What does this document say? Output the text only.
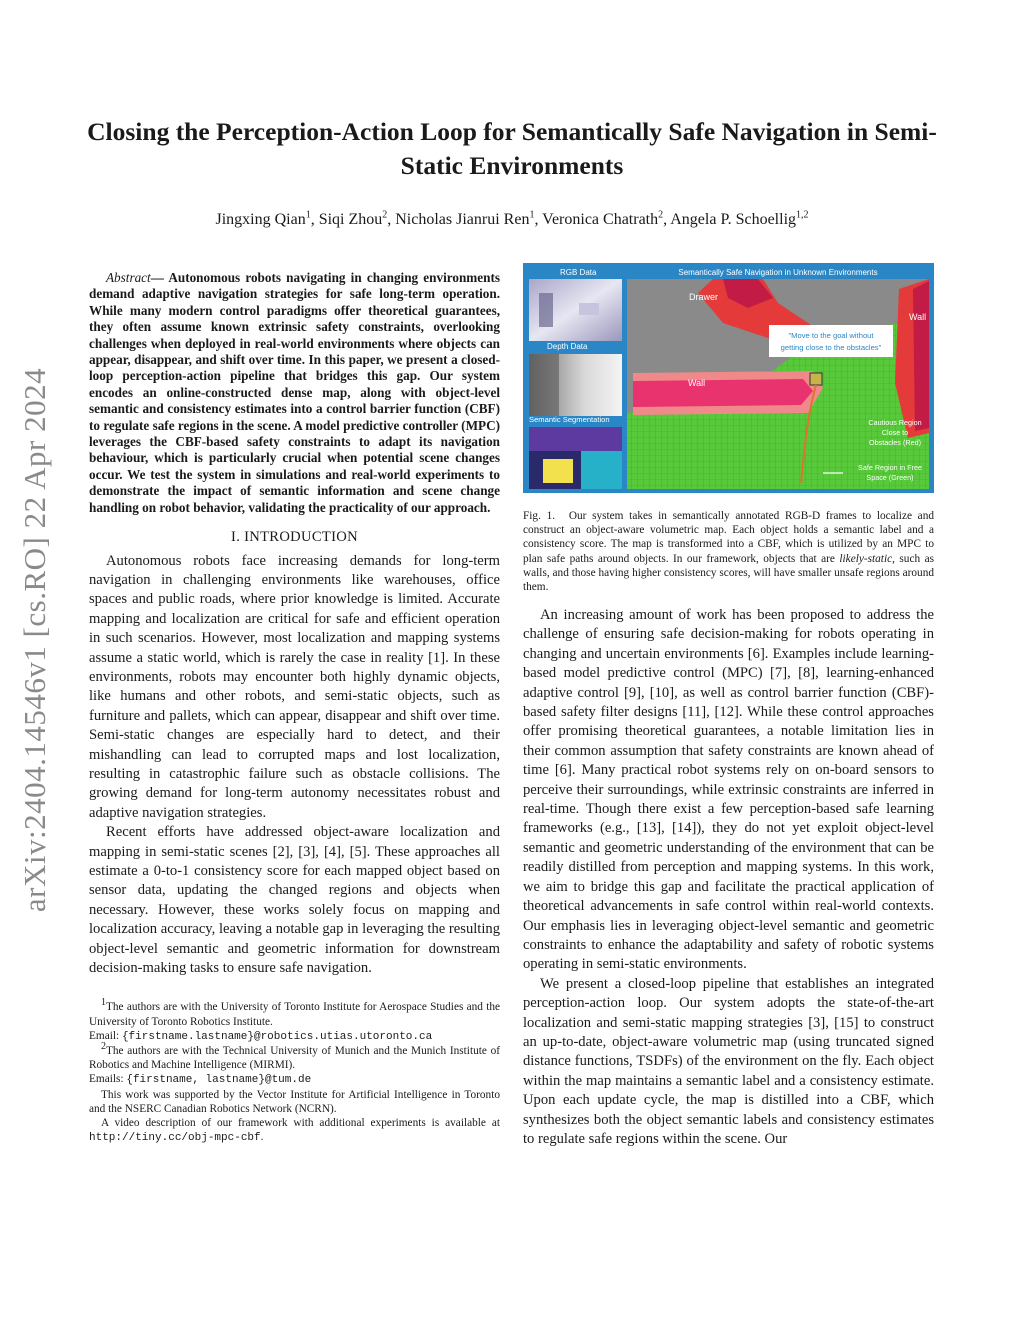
arXiv:2404.14546v1 [cs.RO] 22 Apr 2024
Closing the Perception-Action Loop for Semantically Safe Navigation in Semi-Static Environments
Jingxing Qian$^1$, Siqi Zhou$^2$, Nicholas Jianrui Ren$^1$, Veronica Chatrath$^2$, Angela P. Schoellig$^{1,2}$

Abstract— Autonomous robots navigating in changing environments demand adaptive navigation strategies for safe long-term operation. While many modern control paradigms offer theoretical guarantees, they often assume known extrinsic safety constraints, overlooking challenges when deployed in real-world environments where objects can appear, disappear, and shift over time. In this paper, we present a closed-loop perception-action pipeline that bridges this gap. Our system encodes an online-constructed dense map, along with object-level semantic and consistency estimates into a control barrier function (CBF) to regulate safe regions in the scene. A model predictive controller (MPC) leverages the CBF-based safety constraints to adapt its navigation behaviour, which is particularly crucial when potential scene changes occur. We test the system in simulations and real-world experiments to demonstrate the impact of semantic information and scene change handling on robot behavior, validating the practicality of our approach.

I. INTRODUCTION

Autonomous robots face increasing demands for long-term navigation in challenging environments like warehouses, office spaces and public roads, where prior knowledge is limited. Accurate mapping and localization are critical for safe and efficient operation in such scenarios. However, most localization and mapping systems assume a static world, which is rarely the case in reality [1]. In these environments, robots may encounter both highly dynamic objects, like humans and other robots, and semi-static objects, such as furniture and pallets, which can appear, disappear and shift over time. Semi-static changes are especially hard to detect, and their mishandling can lead to corrupted maps and lost localization, resulting in catastrophic failure such as obstacle collisions. The growing demand for long-term autonomy necessitates robust and adaptive navigation strategies.

Recent efforts have addressed object-aware localization and mapping in semi-static scenes [2], [3], [4], [5]. These approaches all estimate a 0-to-1 consistency score for each mapped object based on sensor data, updating the changed regions and objects when necessary. However, these works solely focus on mapping and localization accuracy, leaving a notable gap in leveraging the resulting object-level semantic and geometric information for downstream decision-making tasks to ensure safe navigation.

$^1$The authors are with the University of Toronto Institute for Aerospace Studies and the University of Toronto Robotics Institute.

Email: {firstname.lastname}@robotics.utias.utoronto.ca

$^2$The authors are with the Technical University of Munich and the Munich Institute of Robotics and Machine Intelligence (MIRMI).

Emails: {firstname, lastname}@tum.de

This work was supported by the Vector Institute for Artificial Intelligence in Toronto and the NSERC Canadian Robotics Network (NCRN).

A video description of our framework with additional experiments is available at http://tiny.cc/obj-mpc-cbf.

RGB Data
Depth Data
Semantic Segmentation
Semantically Safe Navigation in Unknown Environments
Drawer
Wall
Wall
"Move to the goal without
getting close to the obstacles"
Cautious Region
Close to
Obstacles (Red)
Safe Region in Free
Space (Green)
Fig. 1. Our system takes in semantically annotated RGB-D frames to localize and construct an object-aware volumetric map. Each object holds a semantic label and a consistency score. The map is transformed into a CBF, which is utilized by an MPC to plan safe paths around objects. In our framework, objects that are likely-static, such as walls, and those having higher consistency scores, will have smaller unsafe regions around them.

An increasing amount of work has been proposed to address the challenge of ensuring safe decision-making for robots operating in changing and uncertain environments [6]. Examples include learning-based model predictive control (MPC) [7], [8], learning-enhanced adaptive control [9], [10], as well as control barrier function (CBF)-based safety filter designs [11], [12]. While these control approaches offer promising theoretical guarantees, a notable limitation lies in their common assumption that safety constraints are known ahead of time [6]. Many practical robot systems rely on on-board sensors to perceive their surroundings, while extrinsic constraints are inferred in real-time. Though there exist a few perception-based safe learning frameworks (e.g., [13], [14]), they do not yet exploit object-level semantic and geometric understanding of the environment that can be readily distilled from perception and mapping systems. In this work, we aim to bridge this gap and facilitate the practical application of theoretical advancements in safe control within real-world contexts. Our emphasis lies in leveraging object-level semantic and geometric constraints to enhance the adaptability and safety of robotic systems operating in semi-static environments.

We present a closed-loop pipeline that establishes an integrated perception-action loop. Our system adopts the state-of-the-art localization and semi-static mapping strategies [3], [15] to construct an up-to-date, object-aware volumetric map (using truncated signed distance functions, TSDFs) of the environment on the fly. Each object within the map maintains a semantic label and a consistency estimate. Upon each update cycle, the map is distilled into a CBF, which synthesizes both the object semantic labels and consistency estimates to regulate safe regions within the scene. Our
